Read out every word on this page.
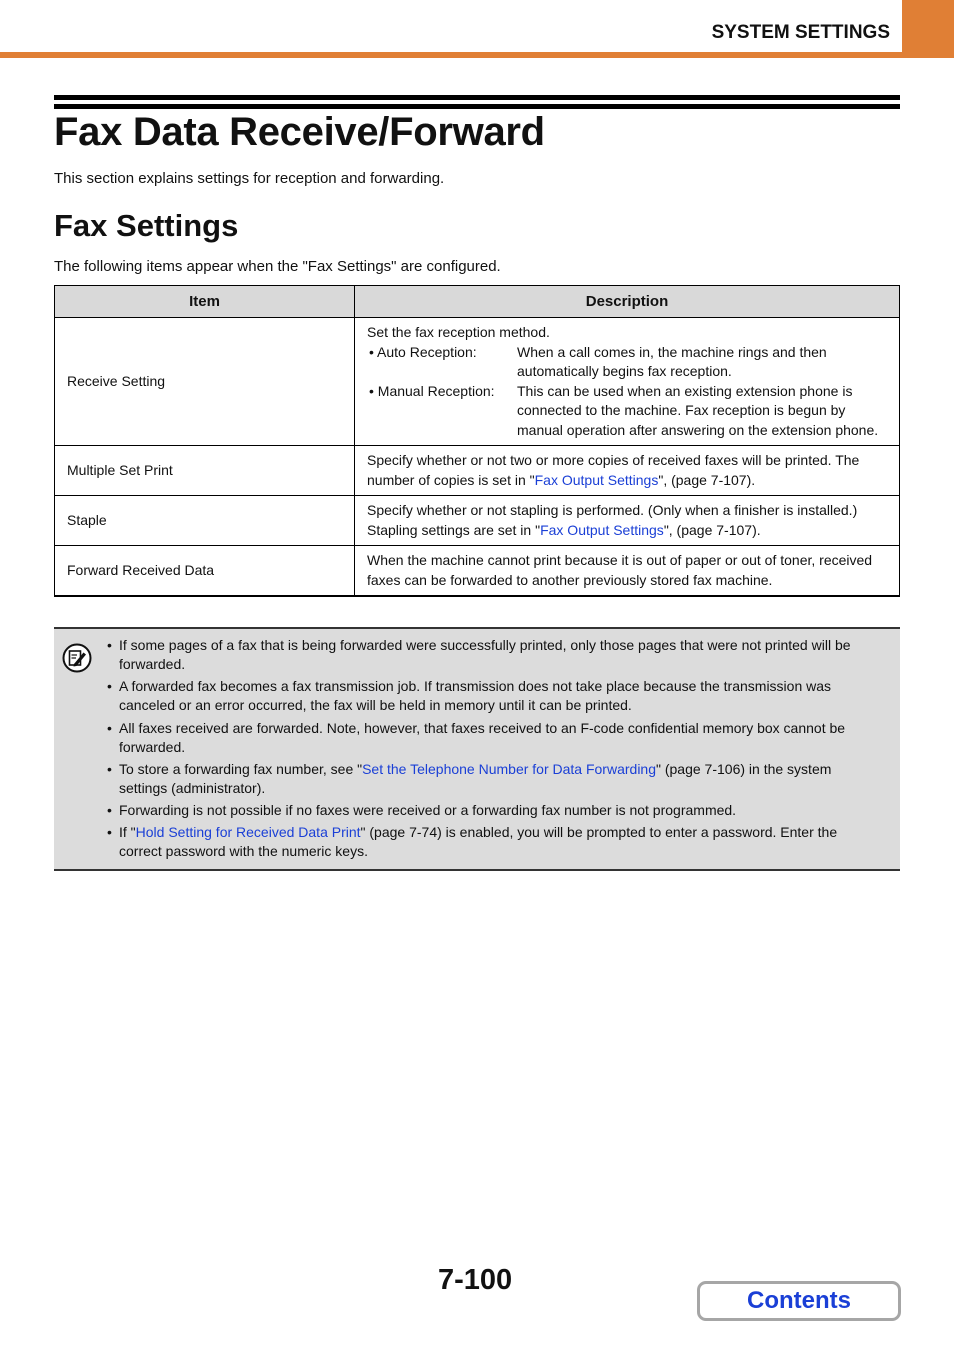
SYSTEM SETTINGS
Fax Data Receive/Forward
This section explains settings for reception and forwarding.
Fax Settings
The following items appear when the "Fax Settings" are configured.
Item	Description
Receive Setting	Set the fax reception method.
• Auto Reception: When a call comes in, the machine rings and then automatically begins fax reception.
• Manual Reception: This can be used when an existing extension phone is connected to the machine. Fax reception is begun by manual operation after answering on the extension phone.

Multiple Set Print	Specify whether or not two or more copies of received faxes will be printed. The number of copies is set in "Fax Output Settings", (page 7-107).
Staple	Specify whether or not stapling is performed. (Only when a finisher is installed.) Stapling settings are set in "Fax Output Settings", (page 7-107).
Forward Received Data	When the machine cannot print because it is out of paper or out of toner, received faxes can be forwarded to another previously stored fax machine.
• If some pages of a fax that is being forwarded were successfully printed, only those pages that were not printed will be forwarded.
• A forwarded fax becomes a fax transmission job. If transmission does not take place because the transmission was canceled or an error occurred, the fax will be held in memory until it can be printed.
• All faxes received are forwarded. Note, however, that faxes received to an F-code confidential memory box cannot be forwarded.
• To store a forwarding fax number, see "Set the Telephone Number for Data Forwarding" (page 7-106) in the system settings (administrator).
• Forwarding is not possible if no faxes were received or a forwarding fax number is not programmed.
• If "Hold Setting for Received Data Print" (page 7-74) is enabled, you will be prompted to enter a password. Enter the correct password with the numeric keys.
7-100
Contents
